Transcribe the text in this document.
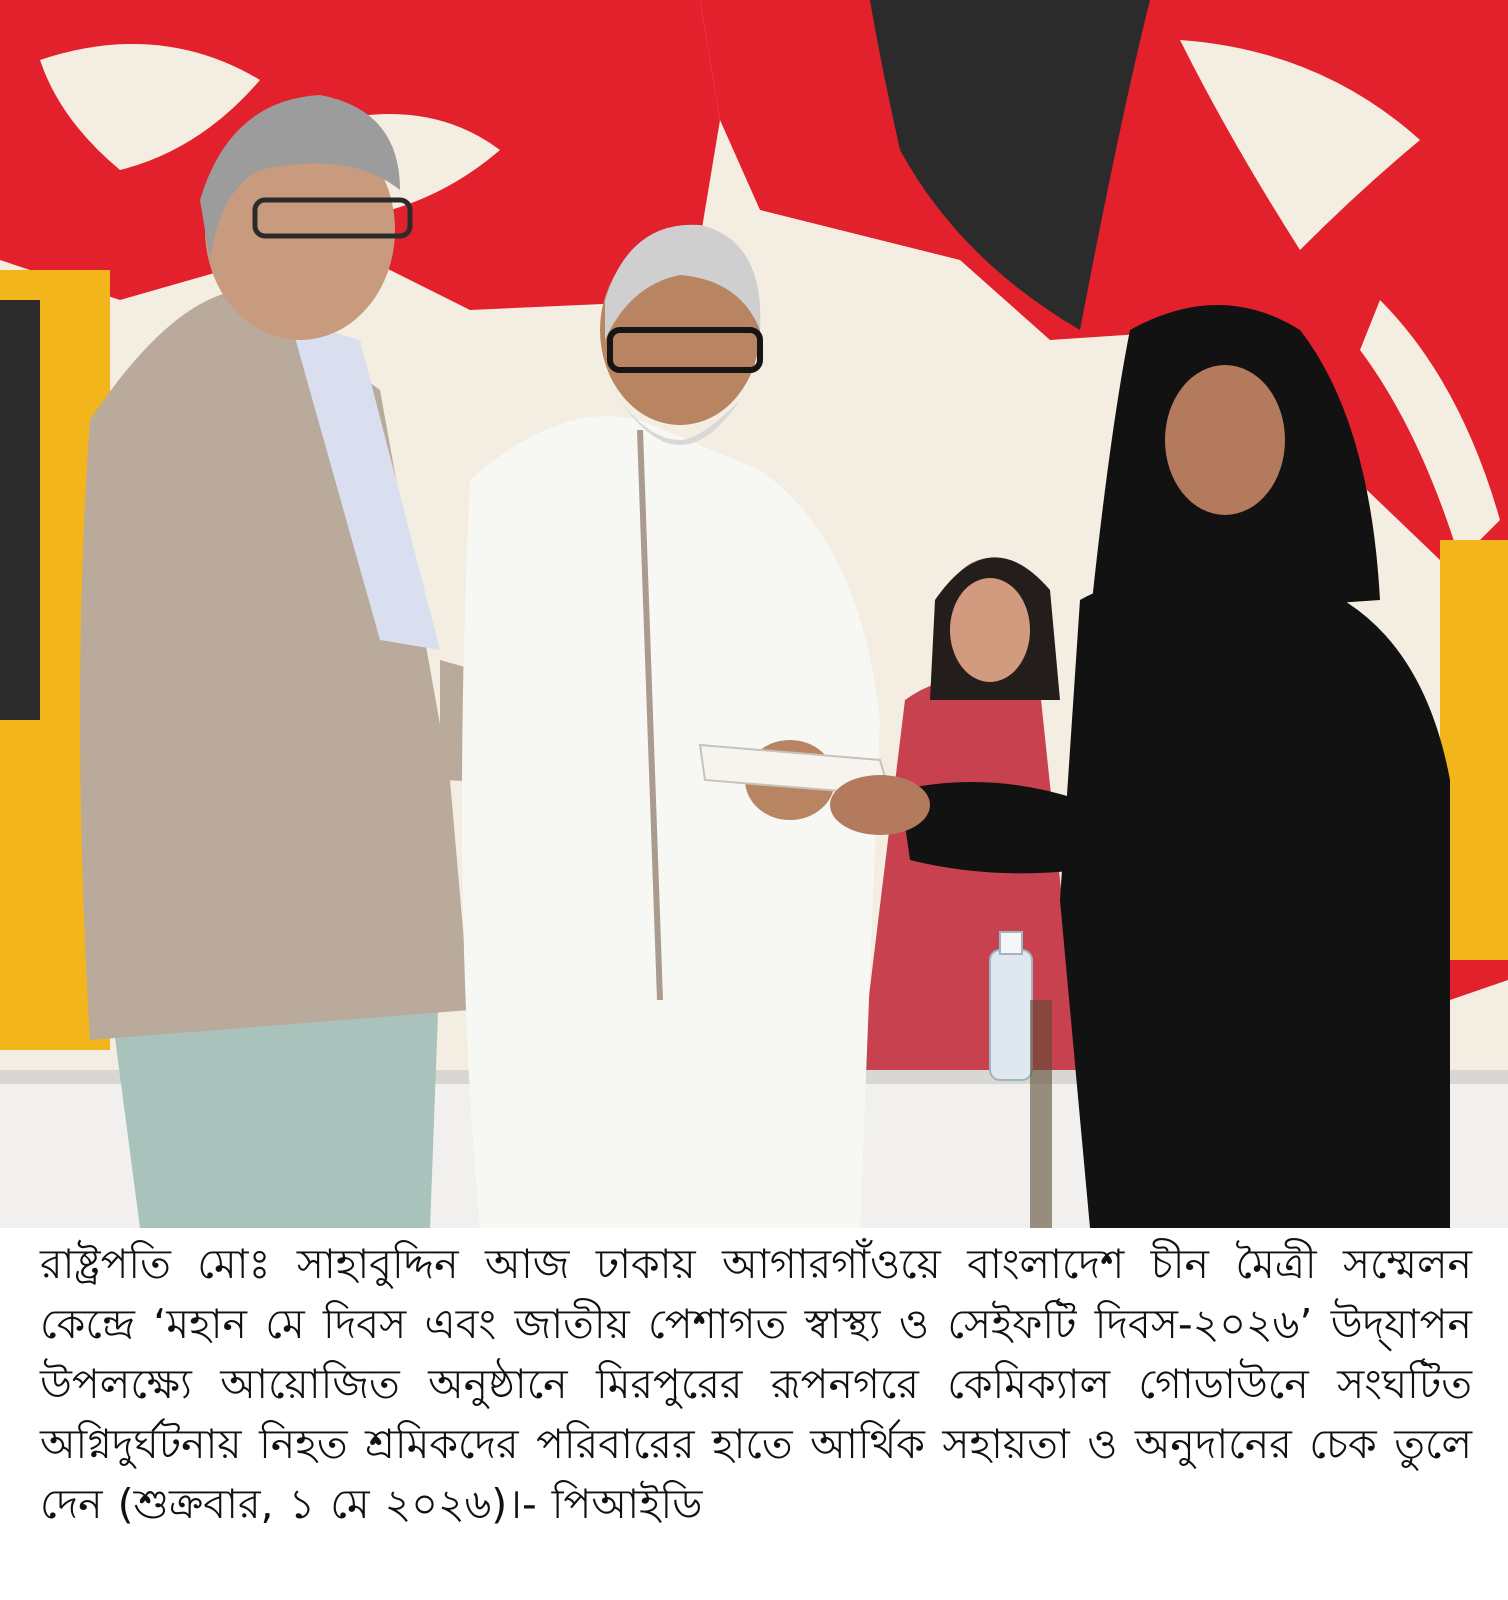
রাষ্ট্রপতি মোঃ সাহাবুদ্দিন আজ ঢাকায় আগারগাঁওয়ে বাংলাদেশ চীন মৈত্রী সম্মেলন কেন্দ্রে ‘মহান মে দিবস এবং জাতীয় পেশাগত স্বাস্থ্য ও সেইফটি দিবস-২০২৬’ উদ্‌যাপন উপলক্ষ্যে আয়োজিত অনুষ্ঠানে মিরপুরের রূপনগরে কেমিক্যাল গোডাউনে সংঘটিত অগ্নিদুর্ঘটনায় নিহত শ্রমিকদের পরিবারের হাতে আর্থিক সহায়তা ও অনুদানের চেক তুলে দেন (শুক্রবার, ১ মে ২০২৬)।- পিআইডি
